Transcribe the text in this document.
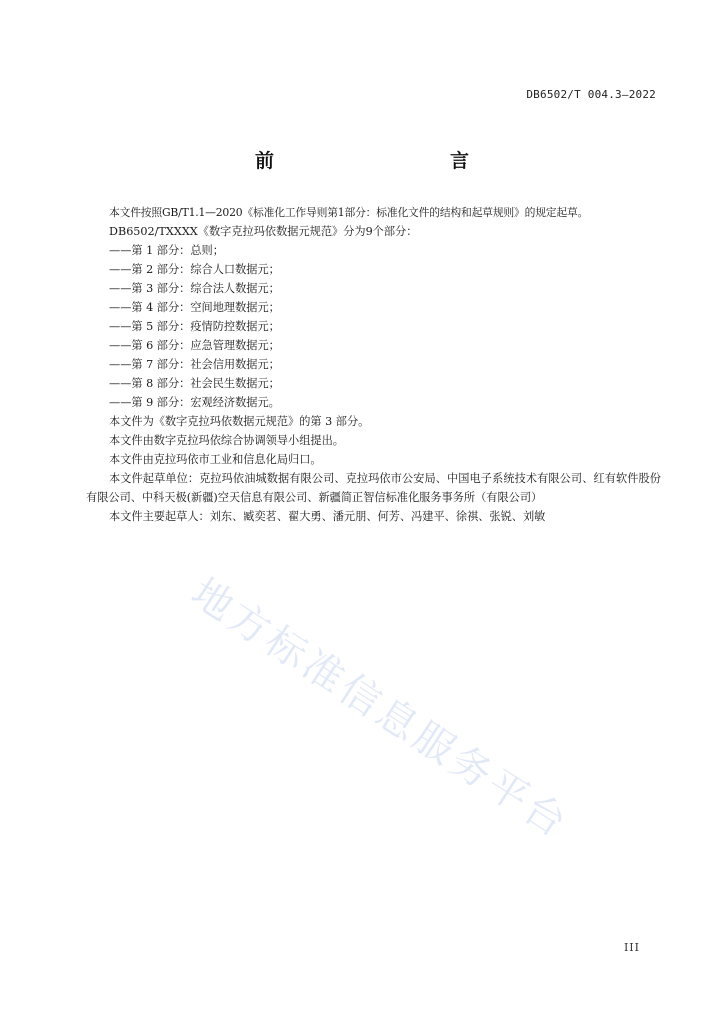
DB6502/T 004.3—2022
前　　言

本文件按照GB/T1.1—2020《标准化工作导则第1部分：标准化文件的结构和起草规则》的规定起草。

DB6502/TXXXX《数字克拉玛依数据元规范》分为9个部分：

——第 1 部分：总则；

——第 2 部分：综合人口数据元；

——第 3 部分：综合法人数据元；

——第 4 部分：空间地理数据元；

——第 5 部分：疫情防控数据元；

——第 6 部分：应急管理数据元；

——第 7 部分：社会信用数据元；

——第 8 部分：社会民生数据元；

——第 9 部分：宏观经济数据元。

本文件为《数字克拉玛依数据元规范》的第 3 部分。

本文件由数字克拉玛依综合协调领导小组提出。

本文件由克拉玛依市工业和信息化局归口。

本文件起草单位：克拉玛依油城数据有限公司、克拉玛依市公安局、中国电子系统技术有限公司、红有软件股份有限公司、中科天极(新疆)空天信息有限公司、新疆简正智信标准化服务事务所（有限公司）

本文件主要起草人：刘东、臧奕茗、翟大勇、潘元朋、何芳、冯建平、徐祺、张锐、刘敏

地方标准信息服务平台
III
